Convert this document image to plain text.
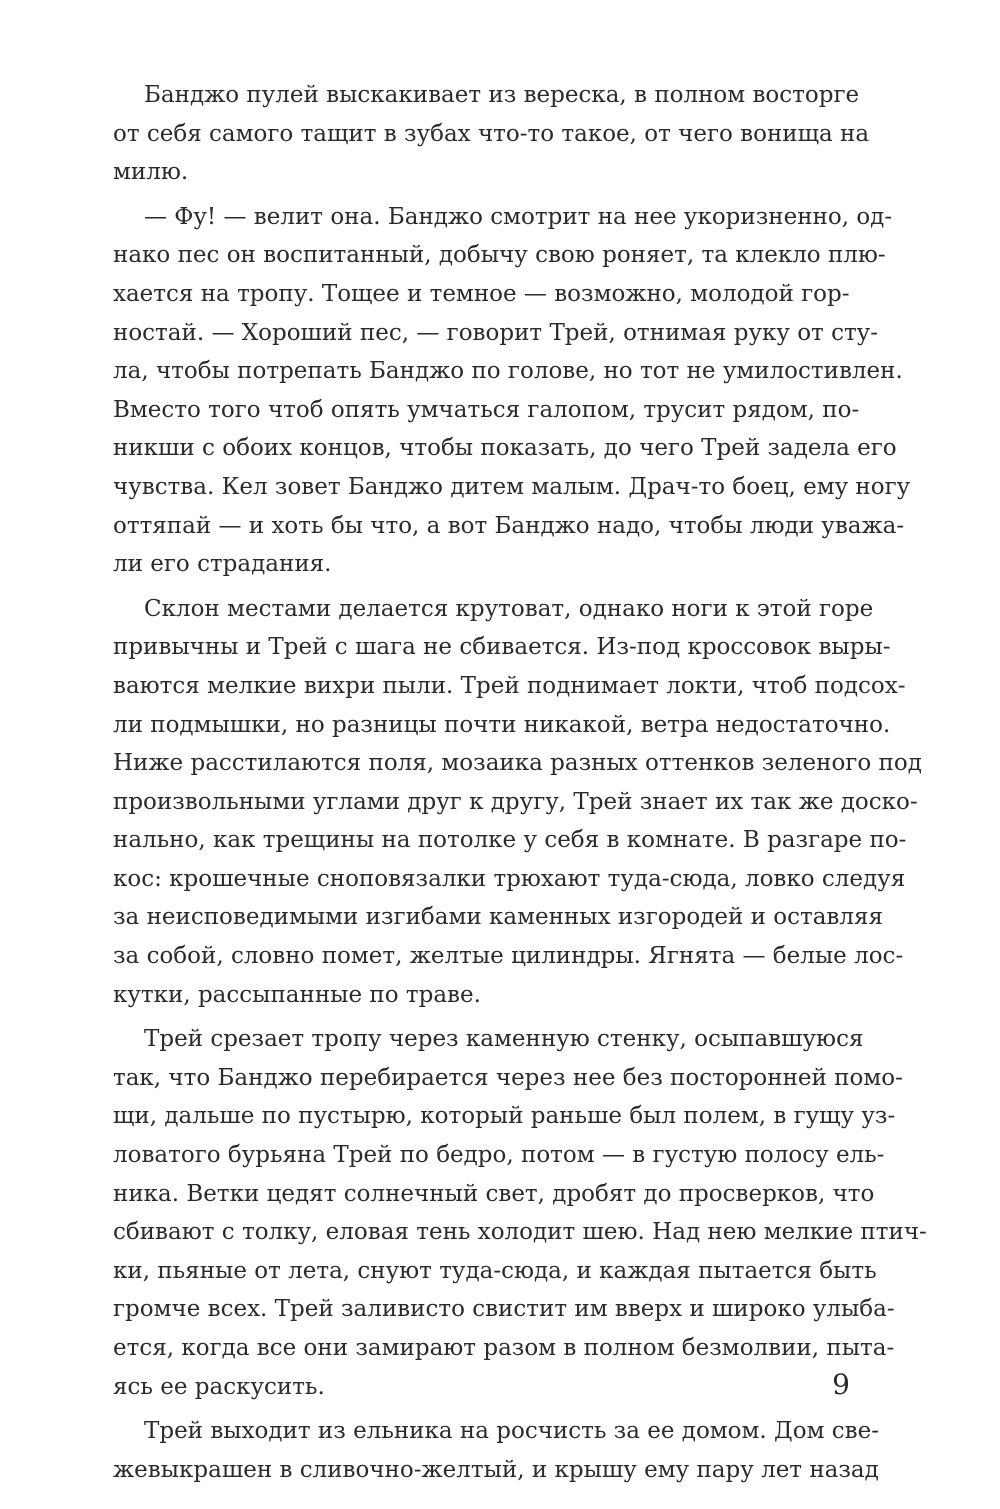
Банджо пулей выскакивает из вереска, в полном восторге
от себя самого тащит в зубах что-то такое, от чего вонища на
милю.
— Фу! — велит она. Банджо смотрит на нее укоризненно, од-
нако пес он воспитанный, добычу свою роняет, та клекло плю-
хается на тропу. Тощее и темное — возможно, молодой гор-
ностай. — Хороший пес, — говорит Трей, отнимая руку от сту-
ла, чтобы потрепать Банджо по голове, но тот не умилостивлен.
Вместо того чтоб опять умчаться галопом, трусит рядом, по-
никши с обоих концов, чтобы показать, до чего Трей задела его
чувства. Кел зовет Банджо дитем малым. Драч-то боец, ему ногу
оттяпай — и хоть бы что, а вот Банджо надо, чтобы люди уважа-
ли его страдания.
Склон местами делается крутоват, однако ноги к этой горе
привычны и Трей с шага не сбивается. Из-под кроссовок выры-
ваются мелкие вихри пыли. Трей поднимает локти, чтоб подсох-
ли подмышки, но разницы почти никакой, ветра недостаточно.
Ниже расстилаются поля, мозаика разных оттенков зеленого под
произвольными углами друг к другу, Трей знает их так же доско-
нально, как трещины на потолке у себя в комнате. В разгаре по-
кос: крошечные сноповязалки трюхают туда-сюда, ловко следуя
за неисповедимыми изгибами каменных изгородей и оставляя
за собой, словно помет, желтые цилиндры. Ягнята — белые лос-
кутки, рассыпанные по траве.
Трей срезает тропу через каменную стенку, осыпавшуюся
так, что Банджо перебирается через нее без посторонней помо-
щи, дальше по пустырю, который раньше был полем, в гущу уз-
ловатого бурьяна Трей по бедро, потом — в густую полосу ель-
ника. Ветки цедят солнечный свет, дробят до просверков, что
сбивают с толку, еловая тень холодит шею. Над нею мелкие птич-
ки, пьяные от лета, снуют туда-сюда, и каждая пытается быть
громче всех. Трей заливисто свистит им вверх и широко улыба-
ется, когда все они замирают разом в полном безмолвии, пыта-
ясь ее раскусить.
Трей выходит из ельника на росчисть за ее домом. Дом све-
жевыкрашен в сливочно-желтый, и крышу ему пару лет назад
9
